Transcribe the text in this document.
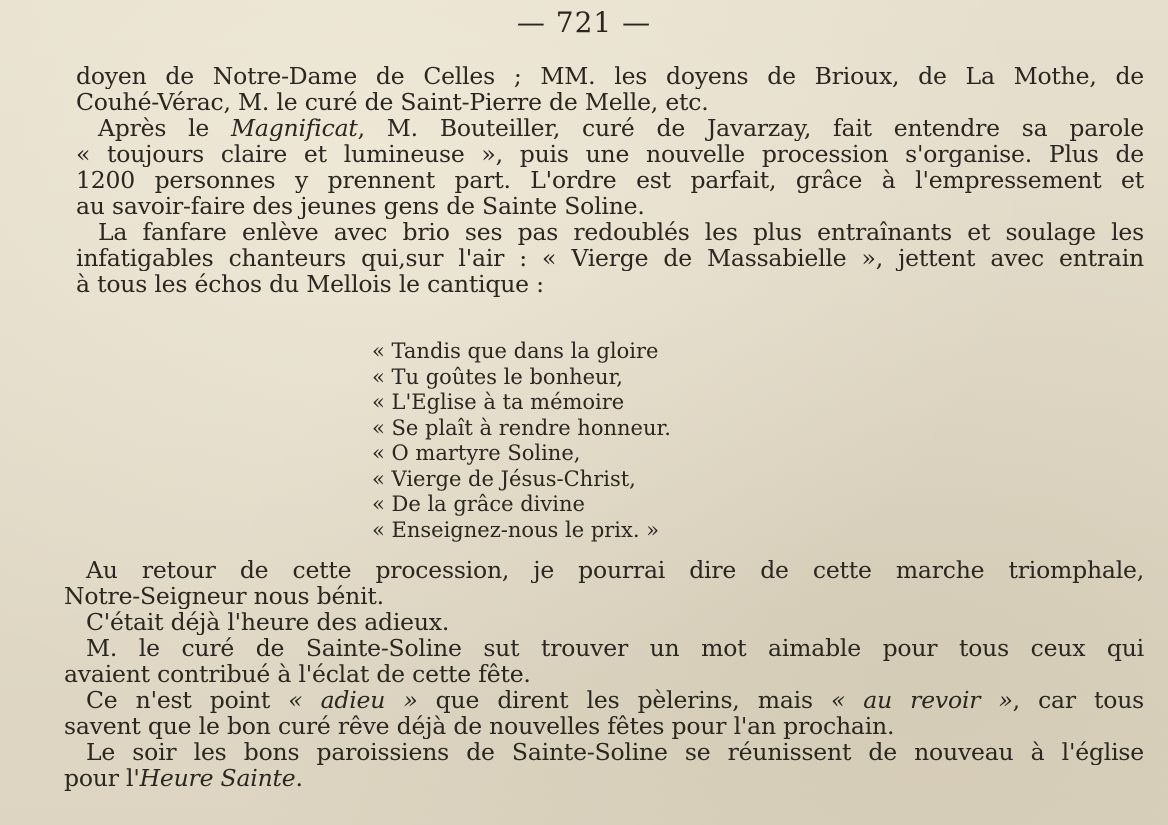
— 721 —
doyen de Notre-Dame de Celles ; MM. les doyens de Brioux, de La Mothe, de
Couhé-Vérac, M. le curé de Saint-Pierre de Melle, etc.
Après le Magnificat, M. Bouteiller, curé de Javarzay, fait entendre sa parole
« toujours claire et lumineuse », puis une nouvelle procession s'organise. Plus de
1200 personnes y prennent part. L'ordre est parfait, grâce à l'empressement et
au savoir-faire des jeunes gens de Sainte Soline.
La fanfare enlève avec brio ses pas redoublés les plus entraînants et soulage les
infatigables chanteurs qui,sur l'air : « Vierge de Massabielle », jettent avec entrain
à tous les échos du Mellois le cantique :
« Tandis que dans la gloire
« Tu goûtes le bonheur,
« L'Eglise à ta mémoire
« Se plaît à rendre honneur.
« O martyre Soline,
« Vierge de Jésus-Christ,
« De la grâce divine
« Enseignez-nous le prix. »
Au retour de cette procession, je pourrai dire de cette marche triomphale,
Notre-Seigneur nous bénit.
C'était déjà l'heure des adieux.
M. le curé de Sainte-Soline sut trouver un mot aimable pour tous ceux qui
avaient contribué à l'éclat de cette fête.
Ce n'est point « adieu » que dirent les pèlerins, mais « au revoir », car tous
savent que le bon curé rêve déjà de nouvelles fêtes pour l'an prochain.
Le soir les bons paroissiens de Sainte-Soline se réunissent de nouveau à l'église
pour l'Heure Sainte.
